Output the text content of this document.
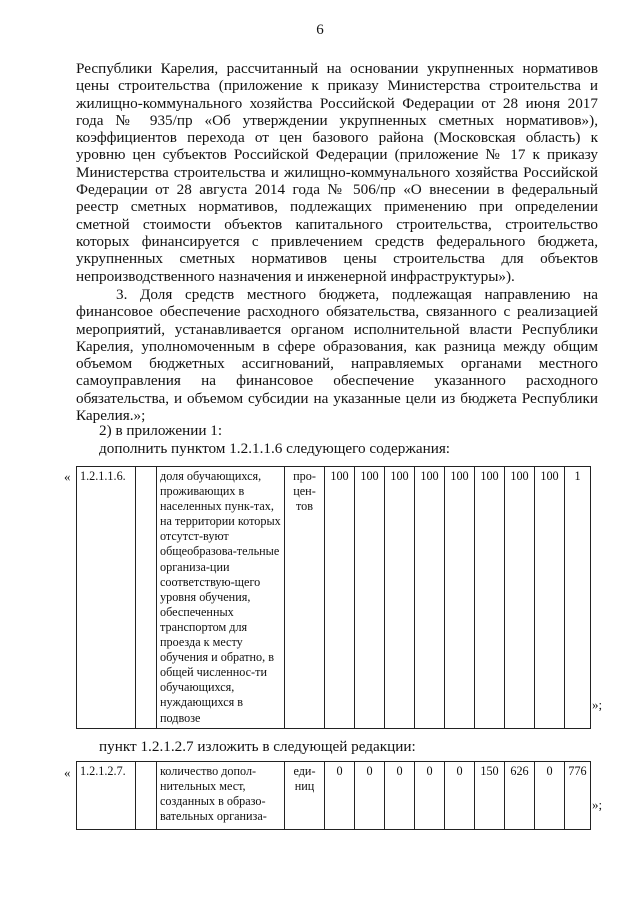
6

Республики Карелия, рассчитанный на основании укрупненных нормативов цены строительства (приложение к приказу Министерства строительства и жилищно-коммунального хозяйства Российской Федерации от 28 июня 2017 года № 935/пр «Об утверждении укрупненных сметных нормативов»), коэффициентов перехода от цен базового района (Московская область) к уровню цен субъектов Российской Федерации (приложение № 17 к приказу Министерства строительства и жилищно-коммунального хозяйства Российской Федерации от 28 августа 2014 года № 506/пр «О внесении в федеральный реестр сметных нормативов, подлежащих применению при определении сметной стоимости объектов капитального строительства, строительство которых финансируется с привлечением средств федерального бюджета, укрупненных сметных нормативов цены строительства для объектов непроизводственного назначения и инженерной инфраструктуры»).

3. Доля средств местного бюджета, подлежащая направлению на финансовое обеспечение расходного обязательства, связанного с реализацией мероприятий, устанавливается органом исполнительной власти Республики Карелия, уполномоченным в сфере образования, как разница между общим объемом бюджетных ассигнований, направляемых органами местного самоуправления на финансовое обеспечение указанного расходного обязательства, и объемом субсидии на указанные цели из бюджета Республики Карелия.»;

2) в приложении 1:
дополнить пунктом 1.2.1.1.6 следующего содержания:
« 1.2.1.1.6.		доля обучающихся, проживающих в населенных пунк-тах, на территории которых отсутст-вуют общеобразова-тельные организа-ции соответствую-щего уровня обучения, обеспеченных транспортом для проезда к месту обучения и обратно, в общей численнос-ти обучающихся, нуждающихся в подвозе	про-цен-тов	100	100	100	100	100	100	100	100	1
»;
пункт 1.2.1.2.7 изложить в следующей редакции:
« 1.2.1.2.7.		количество допол-нительных мест, созданных в образо-вательных организа-	еди-ниц	0	0	0	0	0	150	626	0	776
»;
